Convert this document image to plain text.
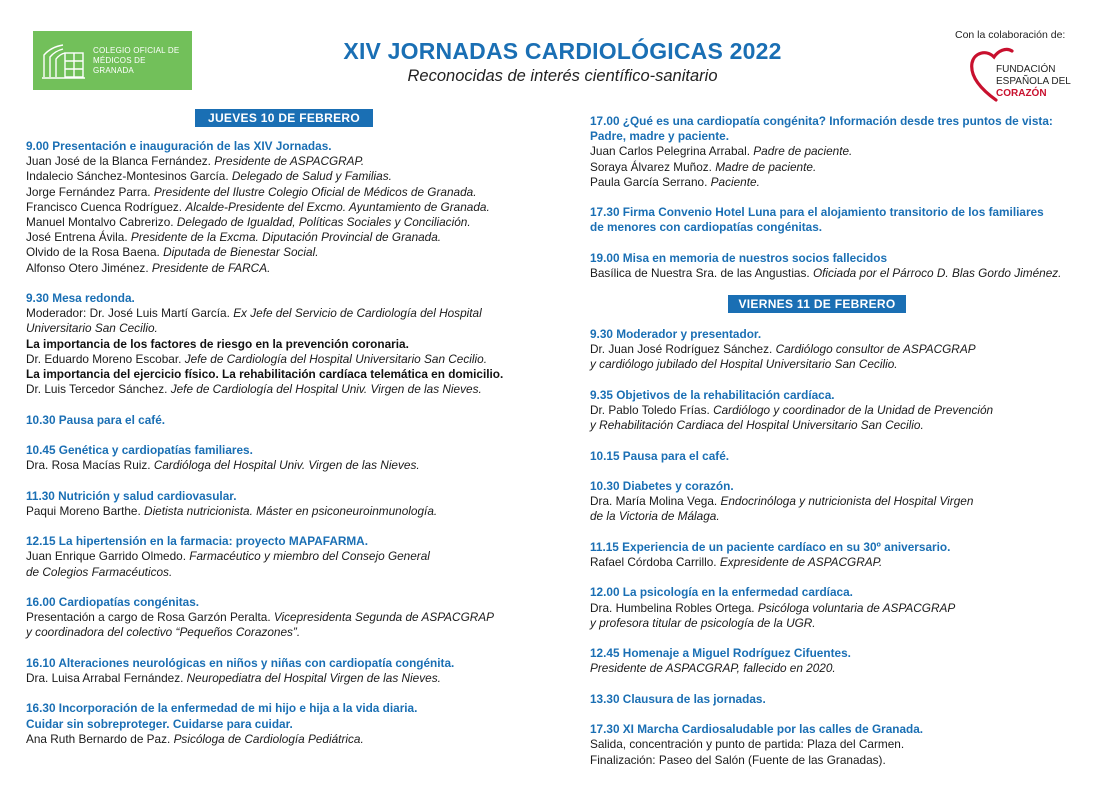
COLEGIO OFICIAL DE
MÉDICOS DE GRANADA
XIV JORNADAS CARDIOLÓGICAS 2022
Reconocidas de interés científico-sanitario
Con la colaboración de:
FUNDACIÓN
ESPAÑOLA DEL
CORAZÓN
JUEVES 10 DE FEBRERO
VIERNES 11 DE FEBRERO
9.00 Presentación e inauguración de las XIV Jornadas.
Juan José de la Blanca Fernández. Presidente de ASPACGRAP.
Indalecio Sánchez-Montesinos García. Delegado de Salud y Familias.
Jorge Fernández Parra. Presidente del Ilustre Colegio Oficial de Médicos de Granada.
Francisco Cuenca Rodríguez. Alcalde-Presidente del Excmo. Ayuntamiento de Granada.
Manuel Montalvo Cabrerizo. Delegado de Igualdad, Políticas Sociales y Conciliación.
José Entrena Ávila. Presidente de la Excma. Diputación Provincial de Granada.
Olvido de la Rosa Baena. Diputada de Bienestar Social.
Alfonso Otero Jiménez. Presidente de FARCA.
9.30 Mesa redonda.
Moderador: Dr. José Luis Martí García. Ex Jefe del Servicio de Cardiología del Hospital
Universitario San Cecilio.
La importancia de los factores de riesgo en la prevención coronaria.
Dr. Eduardo Moreno Escobar. Jefe de Cardiología del Hospital Universitario San Cecilio.
La importancia del ejercicio físico. La rehabilitación cardíaca telemática en domicilio.
Dr. Luis Tercedor Sánchez. Jefe de Cardiología del Hospital Univ. Virgen de las Nieves.
10.30 Pausa para el café.
10.45 Genética y cardiopatías familiares.
Dra. Rosa Macías Ruiz. Cardióloga del Hospital Univ. Virgen de las Nieves.
11.30 Nutrición y salud cardiovasular.
Paqui Moreno Barthe. Dietista nutricionista. Máster en psiconeuroinmunología.
12.15 La hipertensión en la farmacia: proyecto MAPAFARMA.
Juan Enrique Garrido Olmedo. Farmacéutico y miembro del Consejo General
de Colegios Farmacéuticos.
16.00 Cardiopatías congénitas.
Presentación a cargo de Rosa Garzón Peralta. Vicepresidenta Segunda de ASPACGRAP
y coordinadora del colectivo “Pequeños Corazones”.
16.10 Alteraciones neurológicas en niños y niñas con cardiopatía congénita.
Dra. Luisa Arrabal Fernández. Neuropediatra del Hospital Virgen de las Nieves.
16.30 Incorporación de la enfermedad de mi hijo e hija a la vida diaria.
Cuidar sin sobreproteger. Cuidarse para cuidar.
Ana Ruth Bernardo de Paz. Psicóloga de Cardiología Pediátrica.
17.00 ¿Qué es una cardiopatía congénita? Información desde tres puntos de vista:
Padre, madre y paciente.
Juan Carlos Pelegrina Arrabal. Padre de paciente.
Soraya Álvarez Muñoz. Madre de paciente.
Paula García Serrano. Paciente.
17.30 Firma Convenio Hotel Luna para el alojamiento transitorio de los familiares
de menores con cardiopatías congénitas.
19.00 Misa en memoria de nuestros socios fallecidos
Basílica de Nuestra Sra. de las Angustias. Oficiada por el Párroco D. Blas Gordo Jiménez.
9.30 Moderador y presentador.
Dr. Juan José Rodríguez Sánchez. Cardiólogo consultor de ASPACGRAP
y cardiólogo jubilado del Hospital Universitario San Cecilio.
9.35 Objetivos de la rehabilitación cardíaca.
Dr. Pablo Toledo Frías. Cardiólogo y coordinador de la Unidad de Prevención
y Rehabilitación Cardiaca del Hospital Universitario San Cecilio.
10.15 Pausa para el café.
10.30 Diabetes y corazón.
Dra. María Molina Vega. Endocrinóloga y nutricionista del Hospital Virgen
de la Victoria de Málaga.
11.15 Experiencia de un paciente cardíaco en su 30º aniversario.
Rafael Córdoba Carrillo. Expresidente de ASPACGRAP.
12.00 La psicología en la enfermedad cardíaca.
Dra. Humbelina Robles Ortega. Psicóloga voluntaria de ASPACGRAP
y profesora titular de psicología de la UGR.
12.45 Homenaje a Miguel Rodríguez Cifuentes.
Presidente de ASPACGRAP, fallecido en 2020.
13.30 Clausura de las jornadas.
17.30 XI Marcha Cardiosaludable por las calles de Granada.
Salida, concentración y punto de partida: Plaza del Carmen.
Finalización: Paseo del Salón (Fuente de las Granadas).
